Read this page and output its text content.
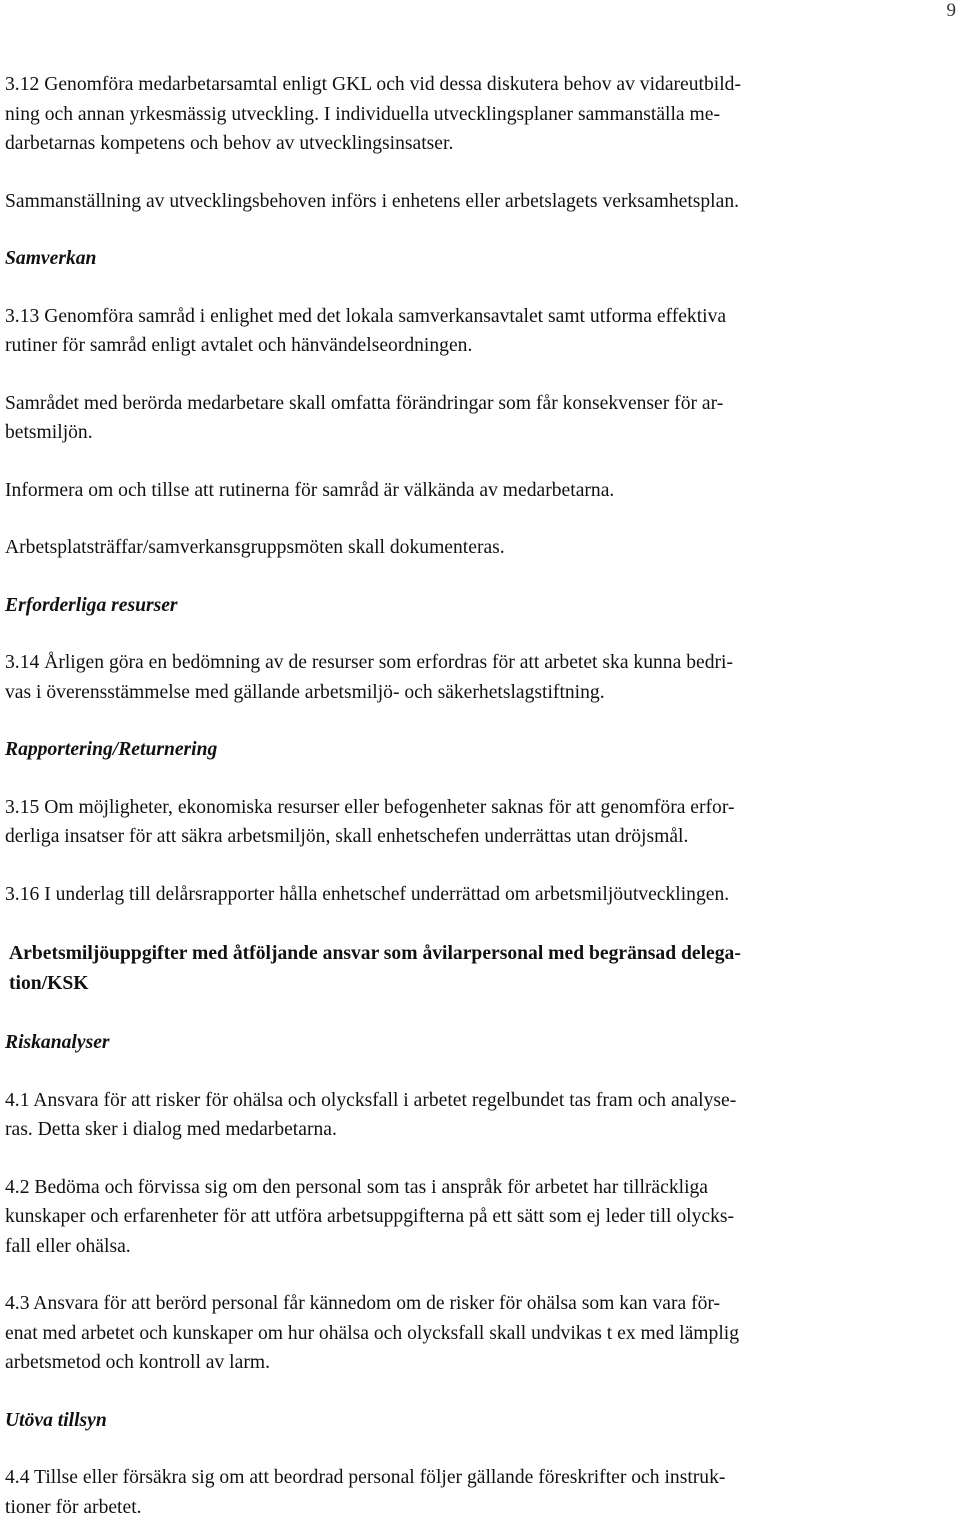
9

3.12 Genomföra medarbetarsamtal enligt GKL och vid dessa diskutera behov av vidareutbild-
ning och annan yrkesmässig utveckling. I individuella utvecklingsplaner sammanställa me-
darbetarnas kompetens och behov av utvecklingsinsatser.

Sammanställning av utvecklingsbehoven införs i enhetens eller arbetslagets verksamhetsplan.

Samverkan

3.13 Genomföra samråd i enlighet med det lokala samverkansavtalet samt utforma effektiva
rutiner för samråd enligt avtalet och hänvändelseordningen.

Samrådet med berörda medarbetare skall omfatta förändringar som får konsekvenser för ar-
betsmiljön.

Informera om och tillse att rutinerna för samråd är välkända av medarbetarna.

Arbetsplatsträffar/samverkansgruppsmöten skall dokumenteras.

Erforderliga resurser

3.14 Årligen göra en bedömning av de resurser som erfordras för att arbetet ska kunna bedri-
vas i överensstämmelse med gällande arbetsmiljö- och säkerhetslagstiftning.

Rapportering/Returnering

3.15 Om möjligheter, ekonomiska resurser eller befogenheter saknas för att genomföra erfor-
derliga insatser för att säkra arbetsmiljön, skall enhetschefen underrättas utan dröjsmål.

3.16 I underlag till delårsrapporter hålla enhetschef underrättad om arbetsmiljöutvecklingen.

Arbetsmiljöuppgifter med åtföljande ansvar som åvilarpersonal med begränsad delega-
tion/KSK

Riskanalyser

4.1 Ansvara för att risker för ohälsa och olycksfall i arbetet regelbundet tas fram och analyse-
ras. Detta sker i dialog med medarbetarna.

4.2 Bedöma och förvissa sig om den personal som tas i anspråk för arbetet har tillräckliga
kunskaper och erfarenheter för att utföra arbetsuppgifterna på ett sätt som ej leder till olycks-
fall eller ohälsa.

4.3 Ansvara för att berörd personal får kännedom om de risker för ohälsa som kan vara för-
enat med arbetet och kunskaper om hur ohälsa och olycksfall skall undvikas t ex med lämplig
arbetsmetod och kontroll av larm.

Utöva tillsyn

4.4 Tillse eller försäkra sig om att beordrad personal följer gällande föreskrifter och instruk-
tioner för arbetet.
